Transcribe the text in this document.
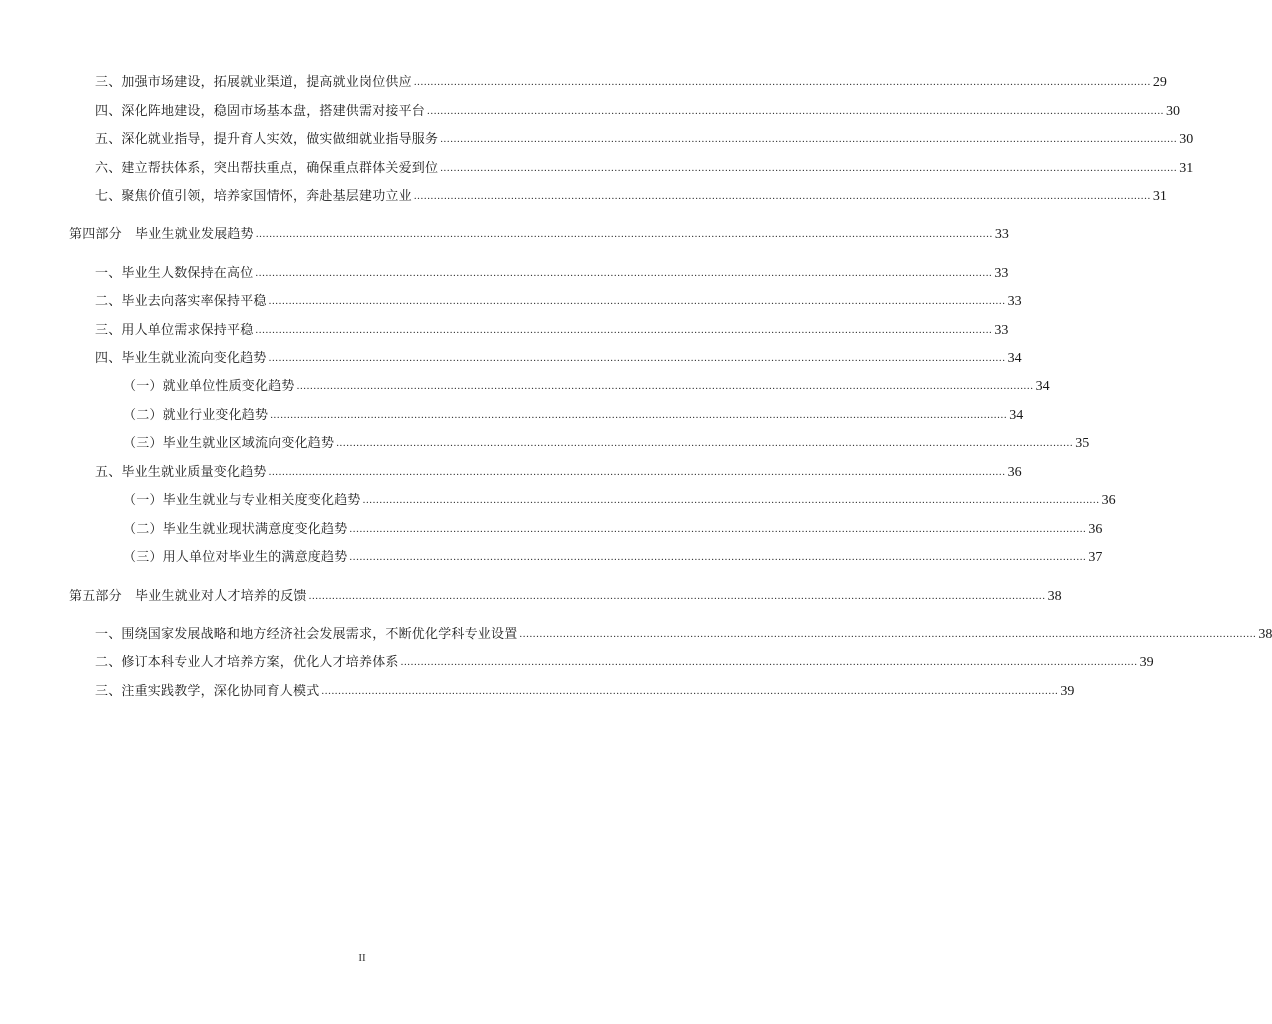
三、加强市场建设，拓展就业渠道，提高就业岗位供应 ............................................................................................................................................................................................................................ 29
四、深化阵地建设，稳固市场基本盘，搭建供需对接平台 ............................................................................................................................................................................................................................ 30
五、深化就业指导，提升育人实效，做实做细就业指导服务 ............................................................................................................................................................................................................................ 30
六、建立帮扶体系，突出帮扶重点，确保重点群体关爱到位 ............................................................................................................................................................................................................................ 31
七、聚焦价值引领，培养家国情怀，奔赴基层建功立业 ............................................................................................................................................................................................................................ 31
第四部分　毕业生就业发展趋势 ............................................................................................................................................................................................................................ 33
一、毕业生人数保持在高位 ............................................................................................................................................................................................................................ 33
二、毕业去向落实率保持平稳 ............................................................................................................................................................................................................................ 33
三、用人单位需求保持平稳 ............................................................................................................................................................................................................................ 33
四、毕业生就业流向变化趋势 ............................................................................................................................................................................................................................ 34
（一）就业单位性质变化趋势 ............................................................................................................................................................................................................................ 34
（二）就业行业变化趋势 ............................................................................................................................................................................................................................ 34
（三）毕业生就业区域流向变化趋势 ............................................................................................................................................................................................................................ 35
五、毕业生就业质量变化趋势 ............................................................................................................................................................................................................................ 36
（一）毕业生就业与专业相关度变化趋势 ............................................................................................................................................................................................................................ 36
（二）毕业生就业现状满意度变化趋势 ............................................................................................................................................................................................................................ 36
（三）用人单位对毕业生的满意度趋势 ............................................................................................................................................................................................................................ 37
第五部分　毕业生就业对人才培养的反馈 ............................................................................................................................................................................................................................ 38
一、围绕国家发展战略和地方经济社会发展需求，不断优化学科专业设置 ............................................................................................................................................................................................................................ 38
二、修订本科专业人才培养方案，优化人才培养体系 ............................................................................................................................................................................................................................ 39
三、注重实践教学，深化协同育人模式 ............................................................................................................................................................................................................................ 39
II
